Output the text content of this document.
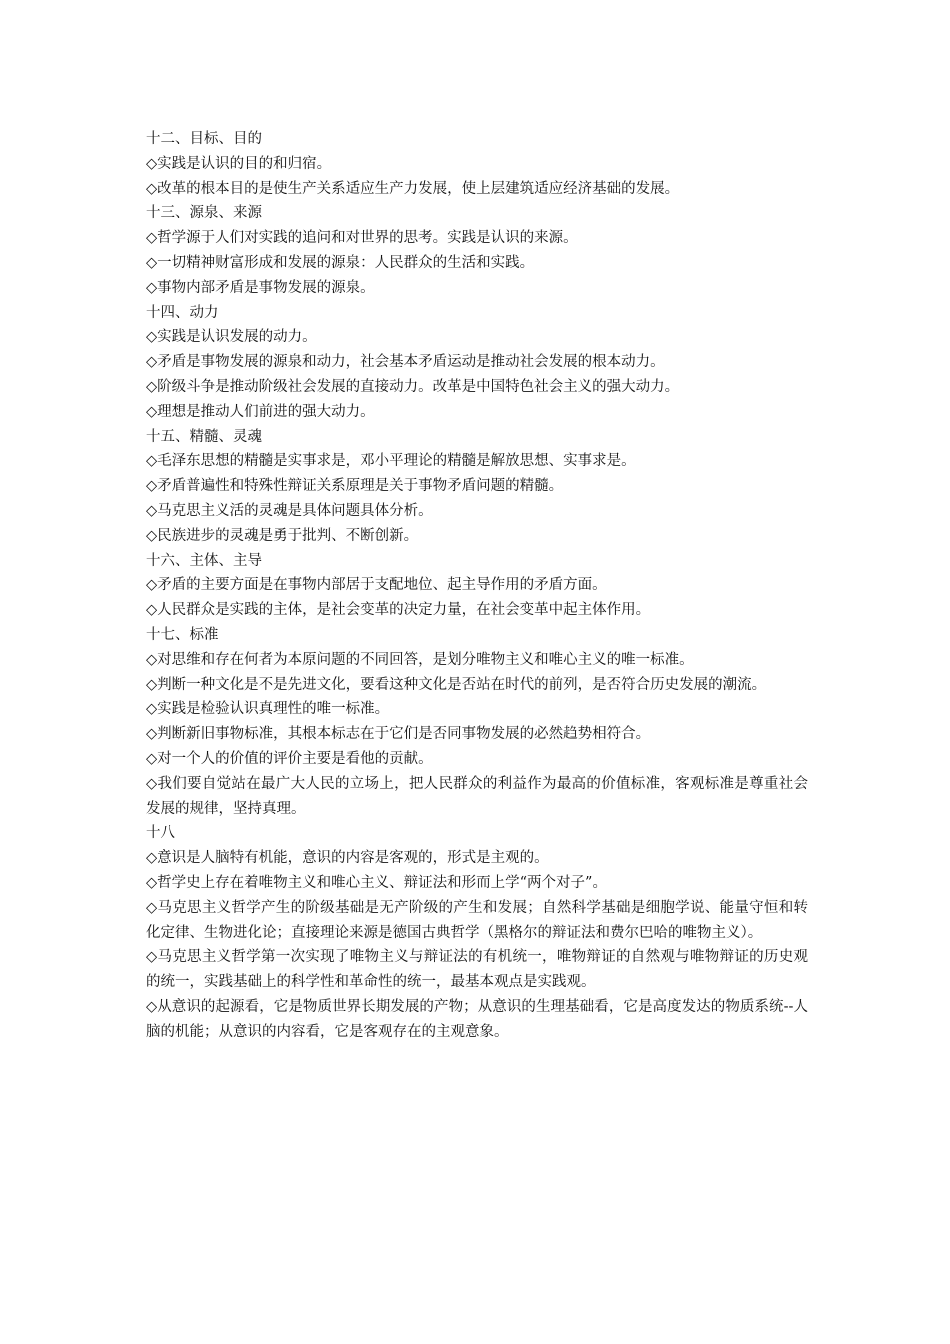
十二、目标、目的

◇实践是认识的目的和归宿。

◇改革的根本目的是使生产关系适应生产力发展，使上层建筑适应经济基础的发展。

十三、源泉、来源

◇哲学源于人们对实践的追问和对世界的思考。实践是认识的来源。

◇一切精神财富形成和发展的源泉：人民群众的生活和实践。

◇事物内部矛盾是事物发展的源泉。

十四、动力

◇实践是认识发展的动力。

◇矛盾是事物发展的源泉和动力，社会基本矛盾运动是推动社会发展的根本动力。

◇阶级斗争是推动阶级社会发展的直接动力。改革是中国特色社会主义的强大动力。

◇理想是推动人们前进的强大动力。

十五、精髓、灵魂

◇毛泽东思想的精髓是实事求是，邓小平理论的精髓是解放思想、实事求是。

◇矛盾普遍性和特殊性辩证关系原理是关于事物矛盾问题的精髓。

◇马克思主义活的灵魂是具体问题具体分析。

◇民族进步的灵魂是勇于批判、不断创新。

十六、主体、主导

◇矛盾的主要方面是在事物内部居于支配地位、起主导作用的矛盾方面。

◇人民群众是实践的主体，是社会变革的决定力量，在社会变革中起主体作用。

十七、标准

◇对思维和存在何者为本原问题的不同回答，是划分唯物主义和唯心主义的唯一标准。

◇判断一种文化是不是先进文化，要看这种文化是否站在时代的前列，是否符合历史发展的潮流。

◇实践是检验认识真理性的唯一标准。

◇判断新旧事物标准，其根本标志在于它们是否同事物发展的必然趋势相符合。

◇对一个人的价值的评价主要是看他的贡献。

◇我们要自觉站在最广大人民的立场上，把人民群众的利益作为最高的价值标准，客观标准是尊重社会发展的规律，坚持真理。

十八

◇意识是人脑特有机能，意识的内容是客观的，形式是主观的。

◇哲学史上存在着唯物主义和唯心主义、辩证法和形而上学“两个对子”。

◇马克思主义哲学产生的阶级基础是无产阶级的产生和发展；自然科学基础是细胞学说、能量守恒和转化定律、生物进化论；直接理论来源是德国古典哲学（黑格尔的辩证法和费尔巴哈的唯物主义）。

◇马克思主义哲学第一次实现了唯物主义与辩证法的有机统一，唯物辩证的自然观与唯物辩证的历史观的统一，实践基础上的科学性和革命性的统一，最基本观点是实践观。

◇从意识的起源看，它是物质世界长期发展的产物；从意识的生理基础看，它是高度发达的物质系统--人脑的机能；从意识的内容看，它是客观存在的主观意象。
